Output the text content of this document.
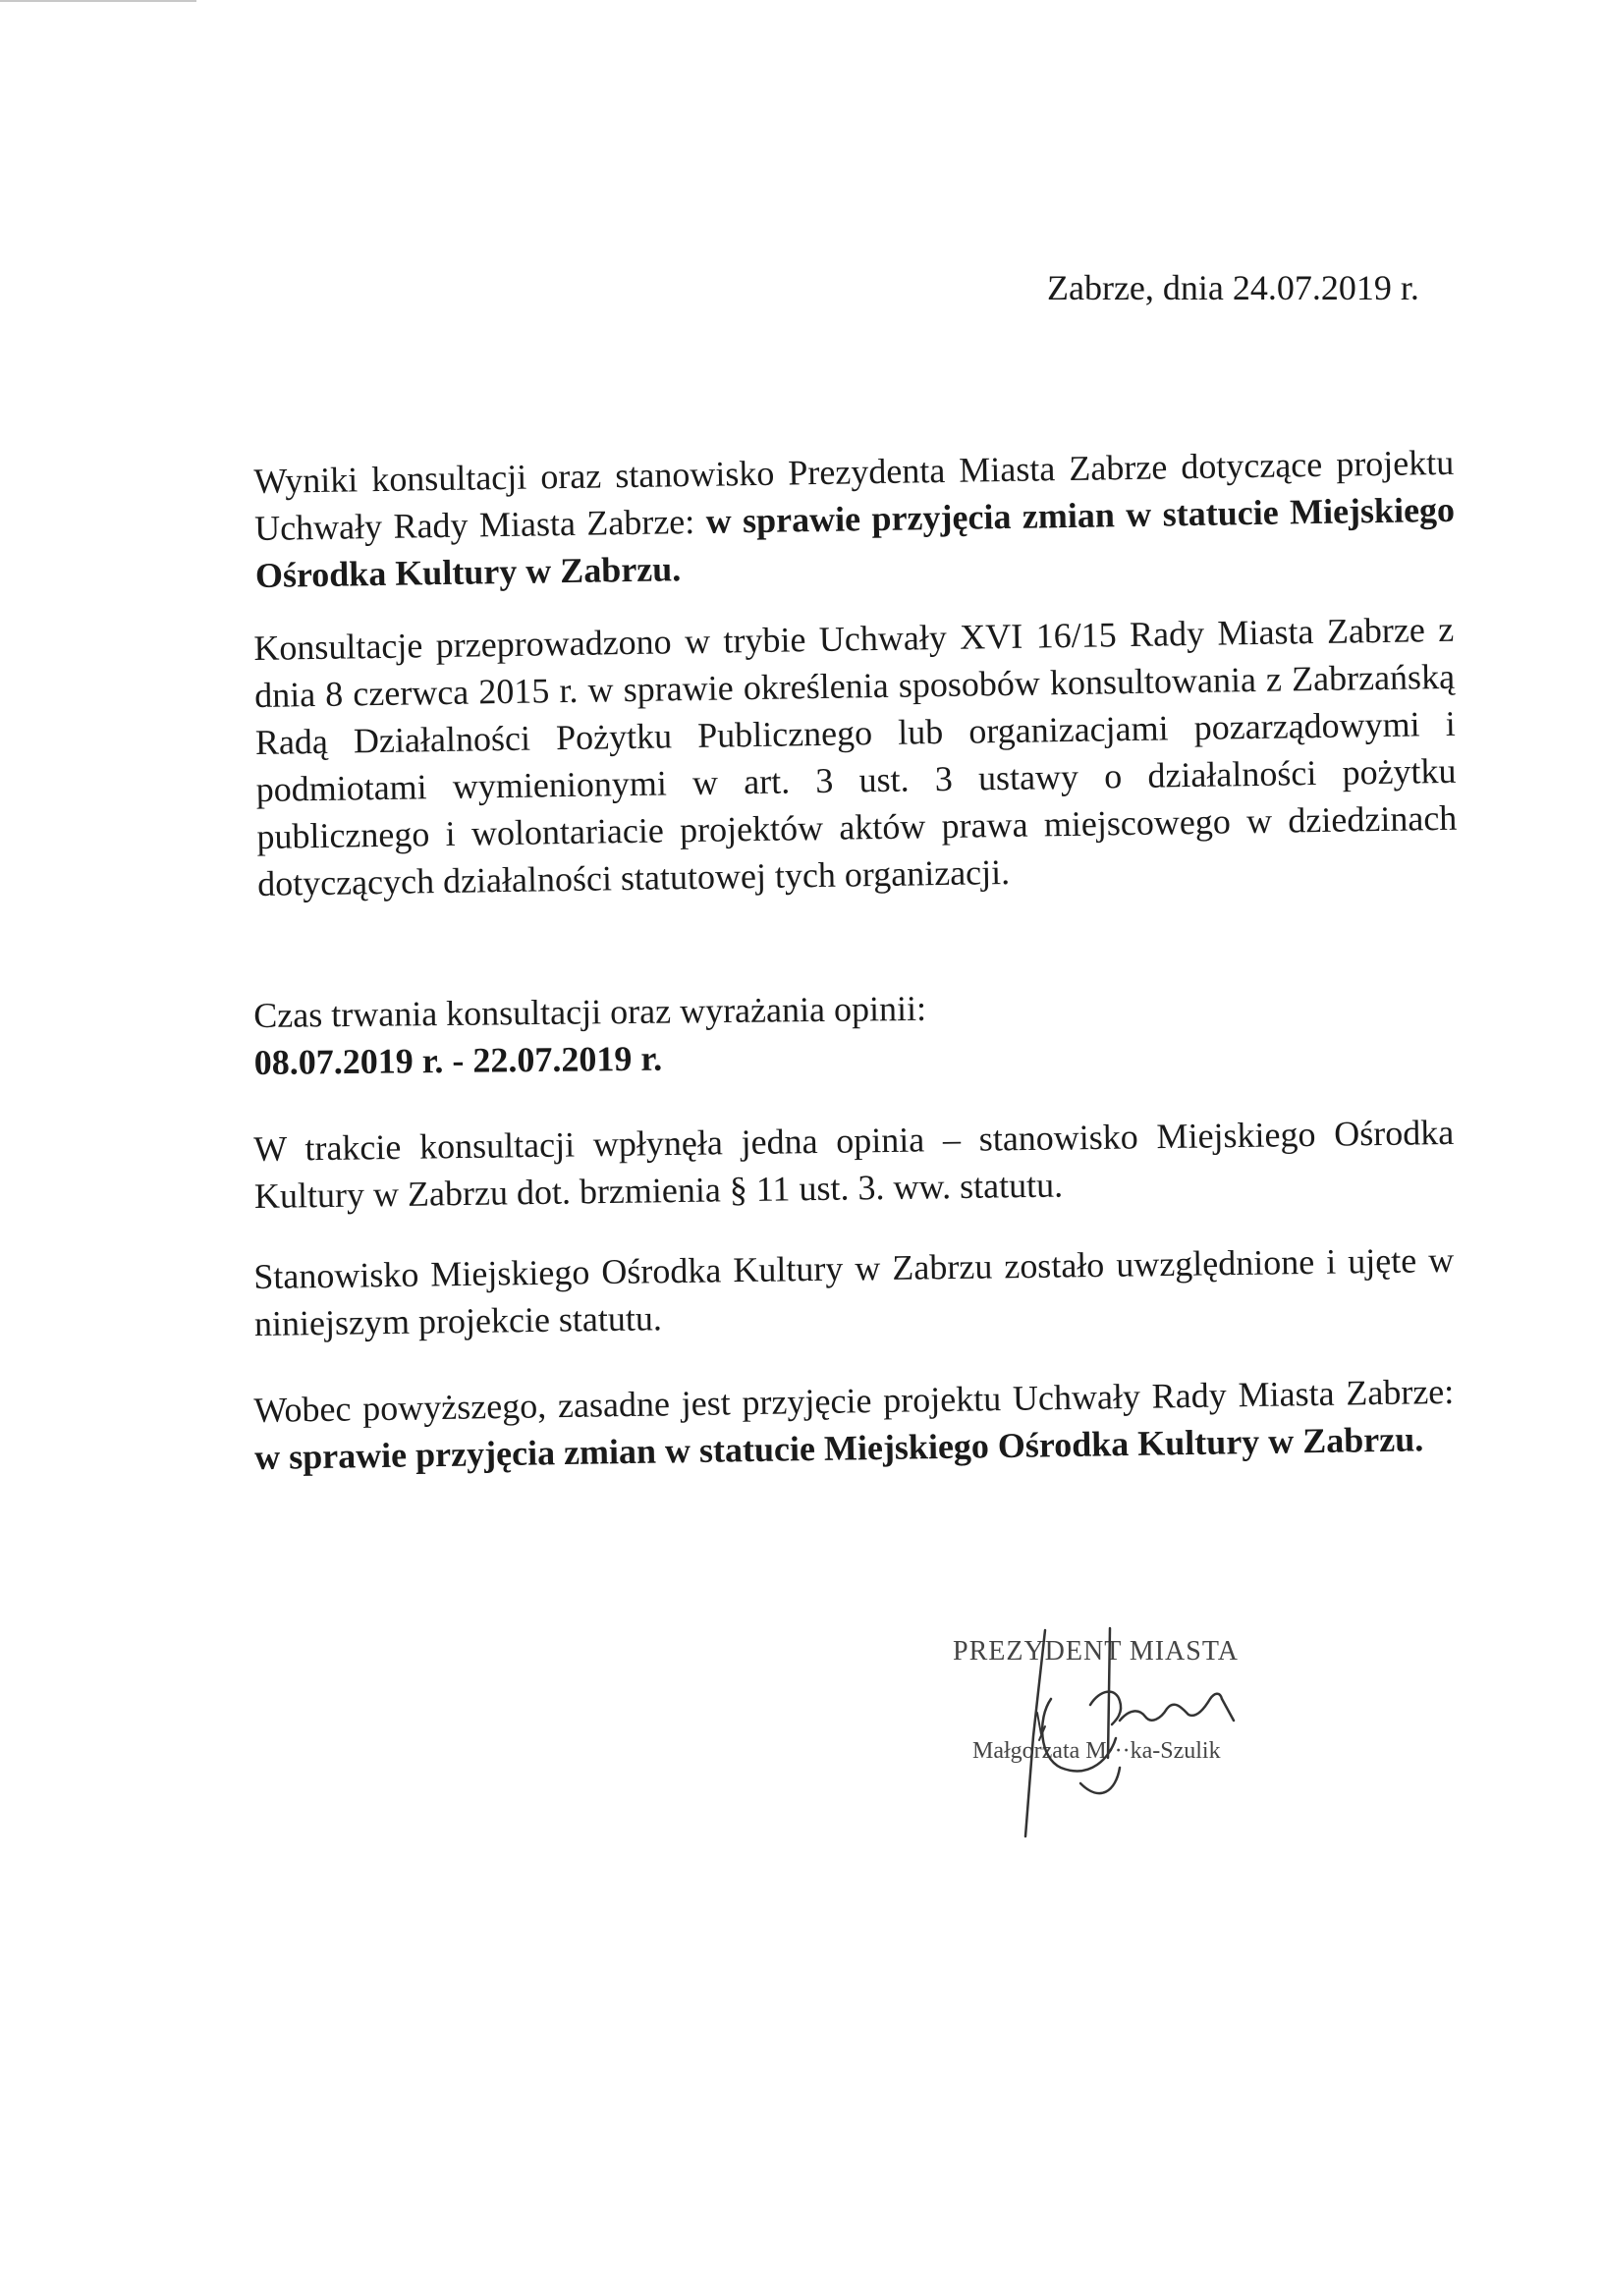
Zabrze, dnia 24.07.2019 r.
Wyniki konsultacji oraz stanowisko Prezydenta Miasta Zabrze dotyczące projektu Uchwały Rady Miasta Zabrze: w sprawie przyjęcia zmian w statucie Miejskiego Ośrodka Kultury w Zabrzu.
Konsultacje przeprowadzono w trybie Uchwały XVI 16/15 Rady Miasta Zabrze z dnia 8 czerwca 2015 r. w sprawie określenia sposobów konsultowania z Zabrzańską Radą Działalności Pożytku Publicznego lub organizacjami pozarządowymi i podmiotami wymienionymi w art. 3 ust. 3 ustawy o działalności pożytku publicznego i wolontariacie projektów aktów prawa miejscowego w dziedzinach dotyczących działalności statutowej tych organizacji.
Czas trwania konsultacji oraz wyrażania opinii:
08.07.2019 r. - 22.07.2019 r.
W trakcie konsultacji wpłynęła jedna opinia – stanowisko Miejskiego Ośrodka Kultury w Zabrzu dot. brzmienia § 11 ust. 3. ww. statutu.
Stanowisko Miejskiego Ośrodka Kultury w Zabrzu zostało uwzględnione i ujęte w niniejszym projekcie statutu.
Wobec powyższego, zasadne jest przyjęcie projektu Uchwały Rady Miasta Zabrze: w sprawie przyjęcia zmian w statucie Miejskiego Ośrodka Kultury w Zabrzu.
PREZYDENT MIASTA
Małgorzata M···ka-Szulik
